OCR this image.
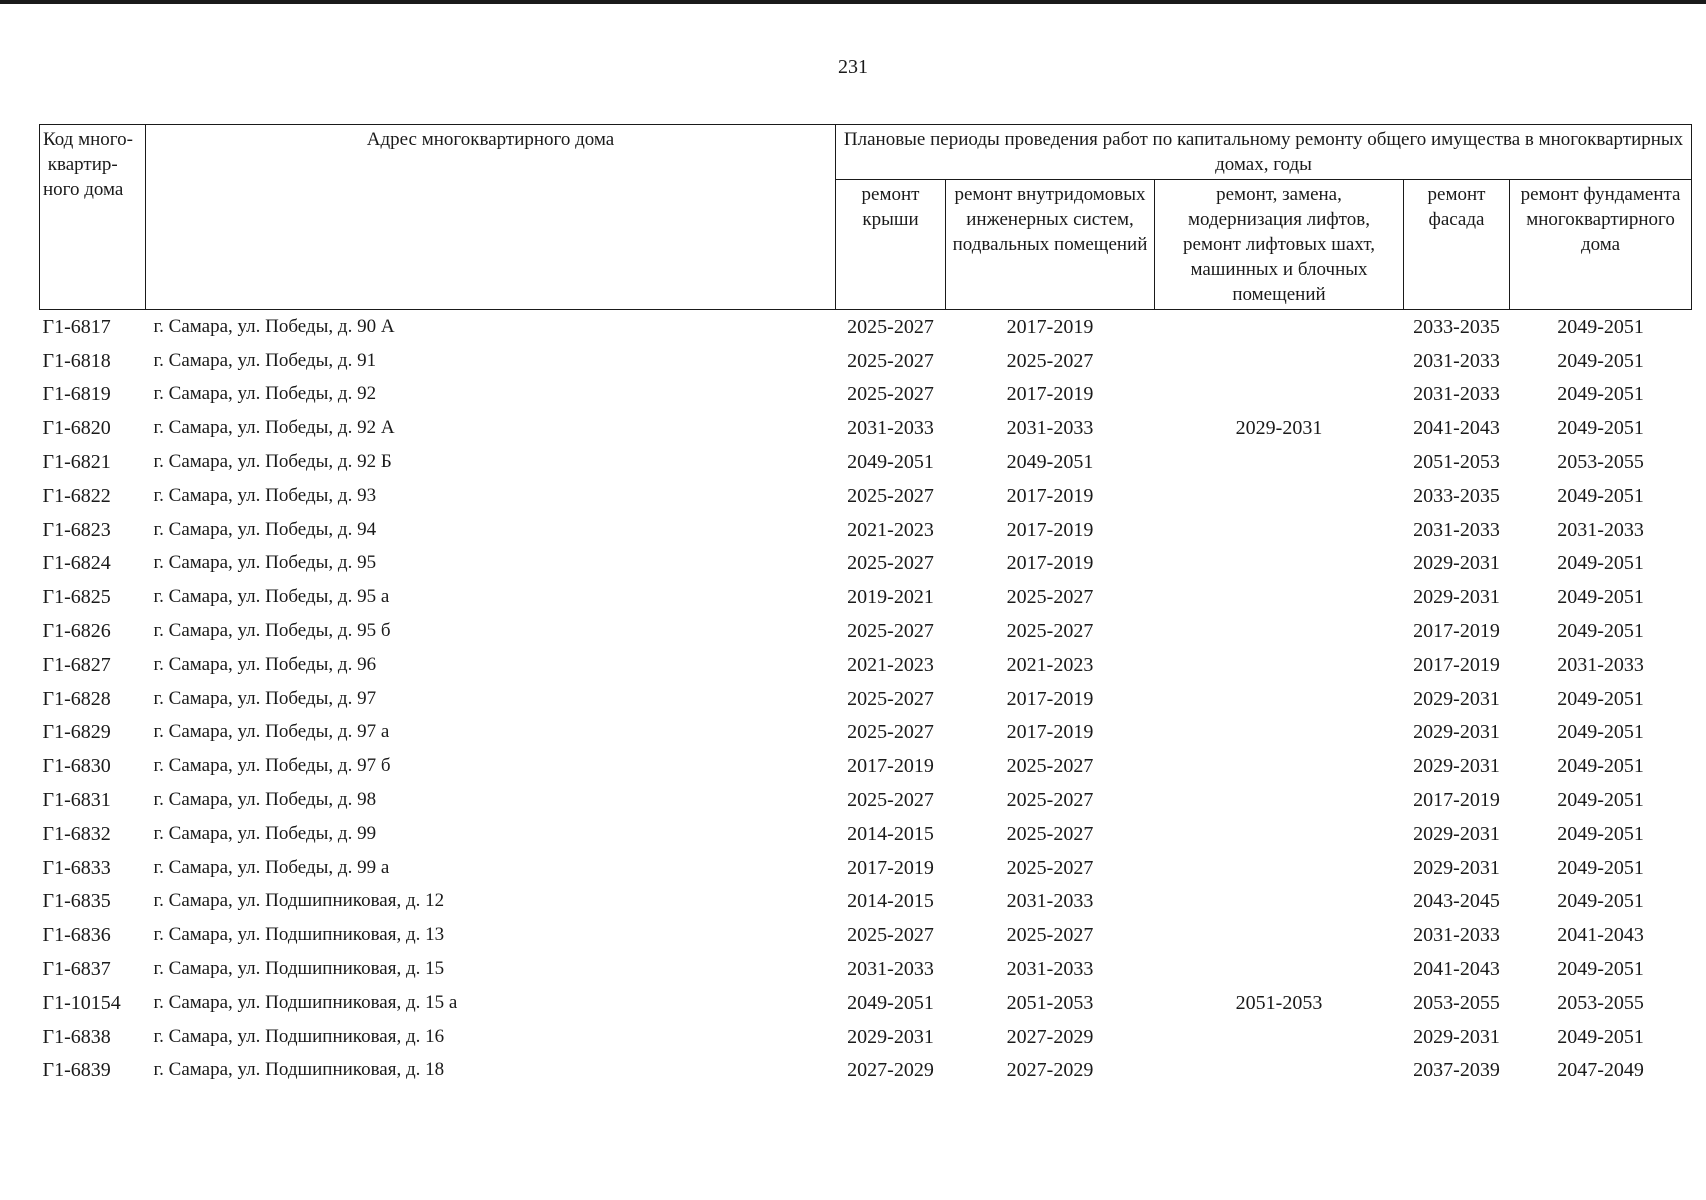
231
Код много- квартир-ного дома	Адрес многоквартирного дома	Плановые периоды проведения работ по капитальному ремонту общего имущества в многоквартирных домах, годы				
		ремонт крыши	ремонт внутридомовых инженерных систем, подвальных помещений	ремонт, замена, модернизация лифтов, ремонт лифтовых шахт, машинных и блочных помещений	ремонт фасада	ремонт фундамента многоквартирного дома
Г1-6817	г. Самара, ул. Победы, д. 90 А	2025-2027	2017-2019		2033-2035	2049-2051
Г1-6818	г. Самара, ул. Победы, д. 91	2025-2027	2025-2027		2031-2033	2049-2051
Г1-6819	г. Самара, ул. Победы, д. 92	2025-2027	2017-2019		2031-2033	2049-2051
Г1-6820	г. Самара, ул. Победы, д. 92 А	2031-2033	2031-2033	2029-2031	2041-2043	2049-2051
Г1-6821	г. Самара, ул. Победы, д. 92 Б	2049-2051	2049-2051		2051-2053	2053-2055
Г1-6822	г. Самара, ул. Победы, д. 93	2025-2027	2017-2019		2033-2035	2049-2051
Г1-6823	г. Самара, ул. Победы, д. 94	2021-2023	2017-2019		2031-2033	2031-2033
Г1-6824	г. Самара, ул. Победы, д. 95	2025-2027	2017-2019		2029-2031	2049-2051
Г1-6825	г. Самара, ул. Победы, д. 95 а	2019-2021	2025-2027		2029-2031	2049-2051
Г1-6826	г. Самара, ул. Победы, д. 95 б	2025-2027	2025-2027		2017-2019	2049-2051
Г1-6827	г. Самара, ул. Победы, д. 96	2021-2023	2021-2023		2017-2019	2031-2033
Г1-6828	г. Самара, ул. Победы, д. 97	2025-2027	2017-2019		2029-2031	2049-2051
Г1-6829	г. Самара, ул. Победы, д. 97 а	2025-2027	2017-2019		2029-2031	2049-2051
Г1-6830	г. Самара, ул. Победы, д. 97 б	2017-2019	2025-2027		2029-2031	2049-2051
Г1-6831	г. Самара, ул. Победы, д. 98	2025-2027	2025-2027		2017-2019	2049-2051
Г1-6832	г. Самара, ул. Победы, д. 99	2014-2015	2025-2027		2029-2031	2049-2051
Г1-6833	г. Самара, ул. Победы, д. 99 а	2017-2019	2025-2027		2029-2031	2049-2051
Г1-6835	г. Самара, ул. Подшипниковая, д. 12	2014-2015	2031-2033		2043-2045	2049-2051
Г1-6836	г. Самара, ул. Подшипниковая, д. 13	2025-2027	2025-2027		2031-2033	2041-2043
Г1-6837	г. Самара, ул. Подшипниковая, д. 15	2031-2033	2031-2033		2041-2043	2049-2051
Г1-10154	г. Самара, ул. Подшипниковая, д. 15 а	2049-2051	2051-2053	2051-2053	2053-2055	2053-2055
Г1-6838	г. Самара, ул. Подшипниковая, д. 16	2029-2031	2027-2029		2029-2031	2049-2051
Г1-6839	г. Самара, ул. Подшипниковая, д. 18	2027-2029	2027-2029		2037-2039	2047-2049
